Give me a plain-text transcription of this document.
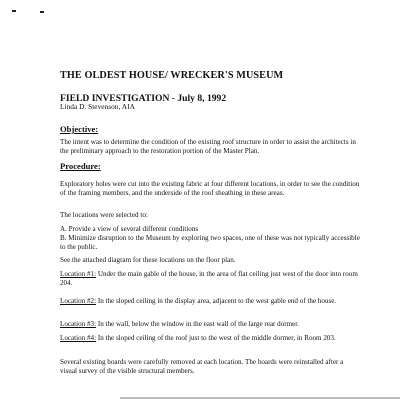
THE OLDEST HOUSE/ WRECKER'S MUSEUM
FIELD INVESTIGATION - July 8, 1992
Linda D. Stevenson, AIA
Objective:

The intent was to determine the condition of the existing roof structure in order to assist the architects in the preliminary approach to the restoration portion of the Master Plan.

Procedure:

Exploratory holes were cut into the existing fabric at four different locations, in order to see the condition of the framing members, and the underside of the roof sheathing in these areas.

The locations were selected to:

A. Provide a view of several different conditions

B. Minimize disruption to the Museum by exploring two spaces, one of these was not typically accessible to the public.

See the attached diagram for these locations on the floor plan.

Location #1: Under the main gable of the house, in the area of flat ceiling just west of the door into room 204.

Location #2: In the sloped ceiling in the display area, adjacent to the west gable end of the house.

Location #3: In the wall, below the window in the east wall of the large rear dormer.

Location #4: In the sloped ceiling of the roof just to the west of the middle dormer, in Room 203.

Several existing boards were carefully removed at each location. The boards were reinstalled after a visual survey of the visible structural members.
